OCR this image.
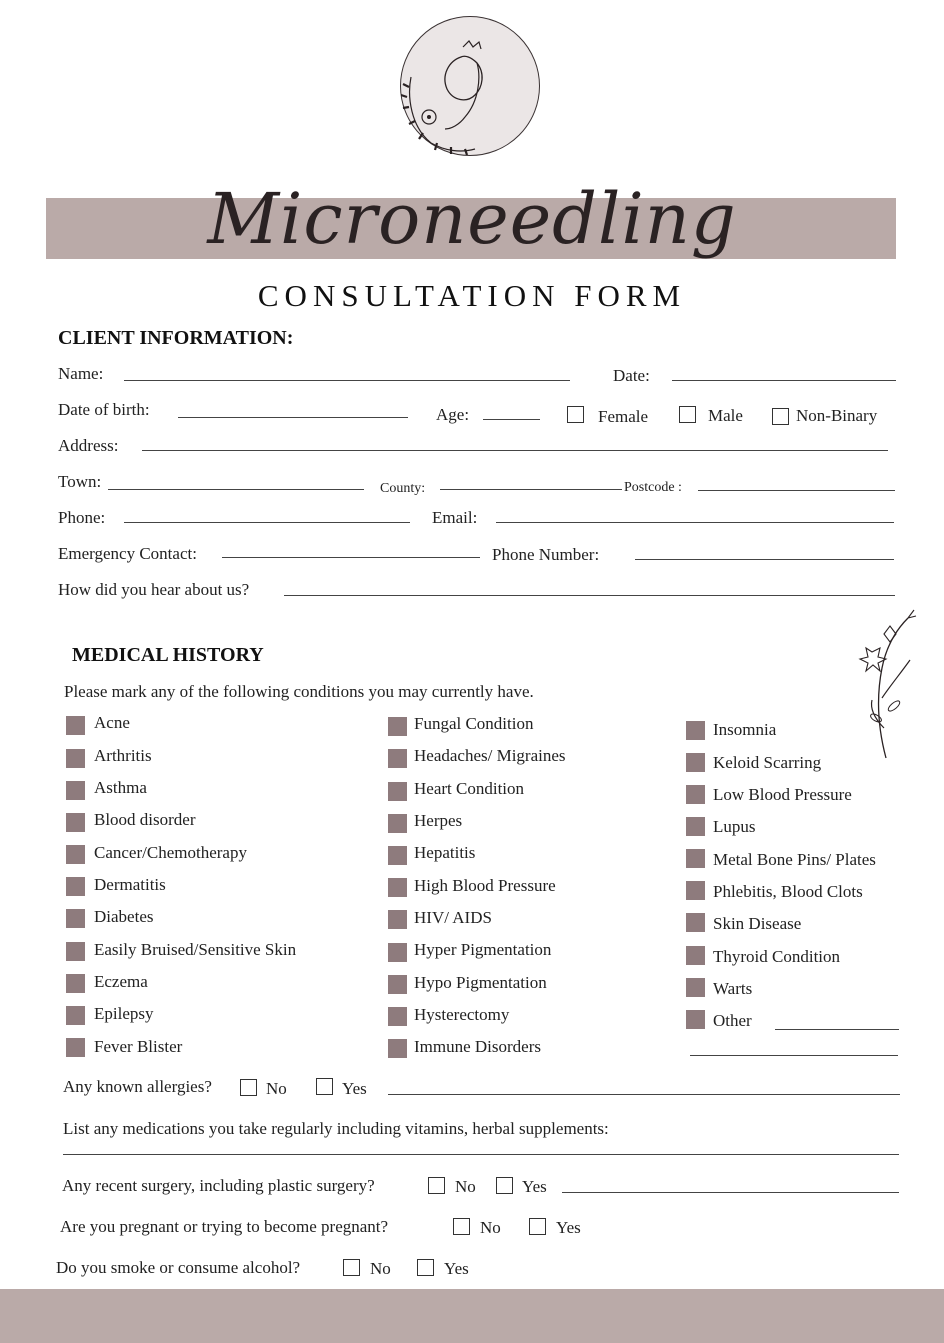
Microneedling
CONSULTATION FORM
CLIENT INFORMATION:
Name:	Date:
Date of birth:	Age:	Female	Male	Non-Binary
Address:
Town:	County:	Postcode :
Phone:	Email:
Emergency Contact:	Phone Number:
How did you hear about us?
MEDICAL HISTORY
Please mark any of the following conditions you may currently have.
Acne
Arthritis
Asthma
Blood disorder
Cancer/Chemotherapy
Dermatitis
Diabetes
Easily Bruised/Sensitive Skin
Eczema
Epilepsy
Fever Blister
Fungal Condition
Headaches/ Migraines
Heart Condition
Herpes
Hepatitis
High Blood Pressure
HIV/ AIDS
Hyper Pigmentation
Hypo Pigmentation
Hysterectomy
Immune Disorders
Insomnia
Keloid Scarring
Low Blood Pressure
Lupus
Metal Bone Pins/ Plates
Phlebitis, Blood Clots
Skin Disease
Thyroid Condition
Warts
Other
Any known allergies?	No	Yes
List any medications you take regularly including vitamins, herbal supplements:
Any recent surgery, including plastic surgery?	No	Yes
Are you pregnant or trying to become pregnant?	No	Yes
Do you smoke or consume alcohol?	No	Yes
